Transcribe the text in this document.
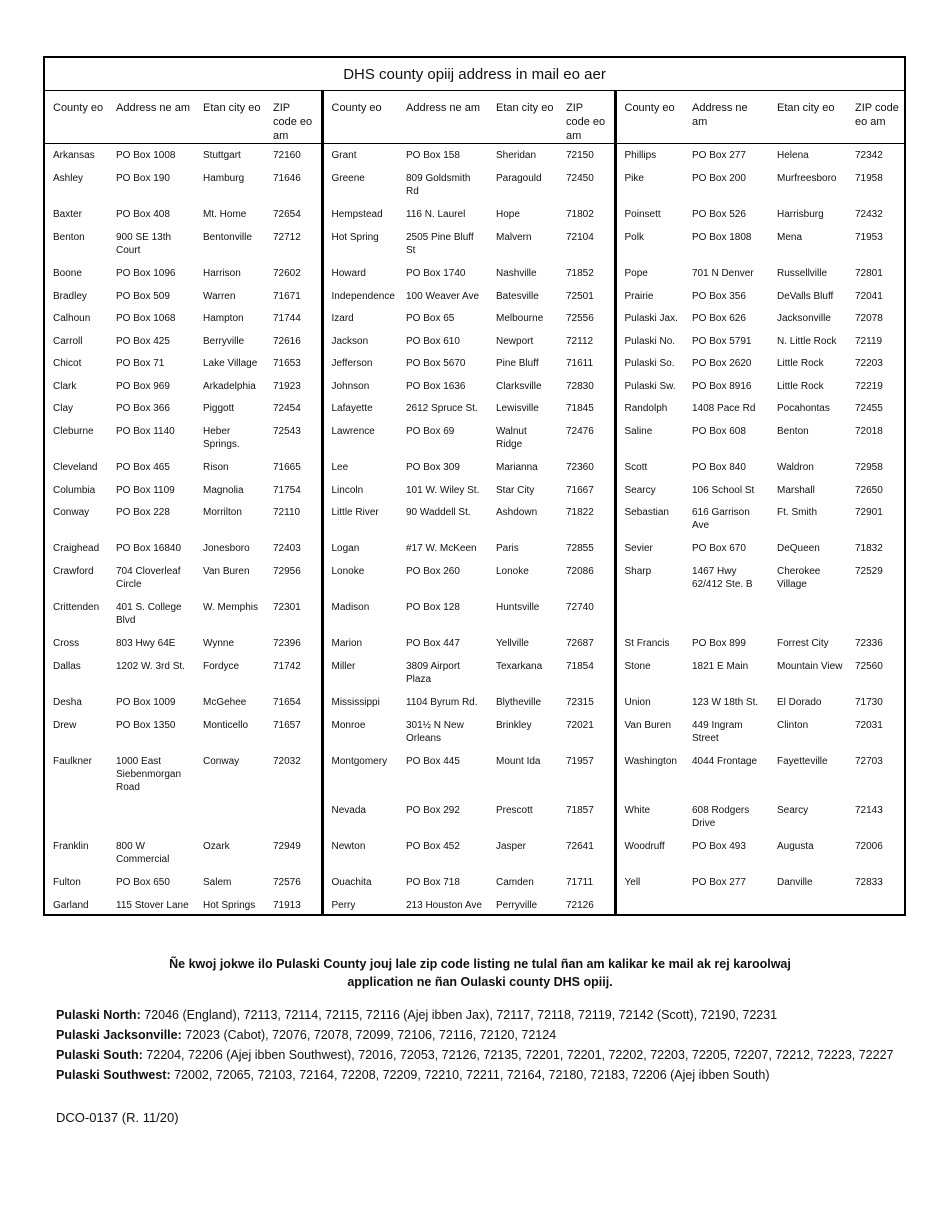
DHS county opiij address in mail eo aer											
County eo	Address ne am	Etan city eo	ZIP code eo am	County eo	Address ne am	Etan city eo	ZIP code eo am	County eo	Address ne am	Etan city eo	ZIP code eo am
Arkansas	PO Box 1008	Stuttgart	72160	Grant	PO Box 158	Sheridan	72150	Phillips	PO Box 277	Helena	72342
Ashley	PO Box 190	Hamburg	71646	Greene	809 Goldsmith Rd	Paragould	72450	Pike	PO Box 200	Murfreesboro	71958
Baxter	PO Box 408	Mt. Home	72654	Hempstead	116 N. Laurel	Hope	71802	Poinsett	PO Box 526	Harrisburg	72432
Benton	900 SE 13th Court	Bentonville	72712	Hot Spring	2505 Pine Bluff St	Malvern	72104	Polk	PO Box 1808	Mena	71953
Boone	PO Box 1096	Harrison	72602	Howard	PO Box 1740	Nashville	71852	Pope	701 N Denver	Russellville	72801
Bradley	PO Box 509	Warren	71671	Independence	100 Weaver Ave	Batesville	72501	Prairie	PO Box 356	DeValls Bluff	72041
Calhoun	PO Box 1068	Hampton	71744	Izard	PO Box 65	Melbourne	72556	Pulaski Jax.	PO Box 626	Jacksonville	72078
Carroll	PO Box 425	Berryville	72616	Jackson	PO Box 610	Newport	72112	Pulaski No.	PO Box 5791	N. Little Rock	72119
Chicot	PO Box 71	Lake Village	71653	Jefferson	PO Box 5670	Pine Bluff	71611	Pulaski So.	PO Box 2620	Little Rock	72203
Clark	PO Box 969	Arkadelphia	71923	Johnson	PO Box 1636	Clarksville	72830	Pulaski Sw.	PO Box 8916	Little Rock	72219
Clay	PO Box 366	Piggott	72454	Lafayette	2612 Spruce St.	Lewisville	71845	Randolph	1408 Pace Rd	Pocahontas	72455
Cleburne	PO Box 1140	Heber Springs.	72543	Lawrence	PO Box 69	Walnut Ridge	72476	Saline	PO Box 608	Benton	72018
Cleveland	PO Box 465	Rison	71665	Lee	PO Box 309	Marianna	72360	Scott	PO Box 840	Waldron	72958
Columbia	PO Box 1109	Magnolia	71754	Lincoln	101 W. Wiley St.	Star City	71667	Searcy	106 School St	Marshall	72650
Conway	PO Box 228	Morrilton	72110	Little River	90 Waddell St.	Ashdown	71822	Sebastian	616 Garrison Ave	Ft. Smith	72901
Craighead	PO Box 16840	Jonesboro	72403	Logan	#17 W. McKeen	Paris	72855	Sevier	PO Box 670	DeQueen	71832
Crawford	704 Cloverleaf Circle	Van Buren	72956	Lonoke	PO Box 260	Lonoke	72086	Sharp	1467 Hwy 62/412 Ste. B	Cherokee Village	72529
Crittenden	401 S. College Blvd	W. Memphis	72301	Madison	PO Box 128	Huntsville	72740				
Cross	803 Hwy 64E	Wynne	72396	Marion	PO Box 447	Yellville	72687	St Francis	PO Box 899	Forrest City	72336
Dallas	1202 W. 3rd St.	Fordyce	71742	Miller	3809 Airport Plaza	Texarkana	71854	Stone	1821 E Main	Mountain View	72560
Desha	PO Box 1009	McGehee	71654	Mississippi	1104 Byrum Rd.	Blytheville	72315	Union	123 W 18th St.	El Dorado	71730
Drew	PO Box 1350	Monticello	71657	Monroe	301½ N New Orleans	Brinkley	72021	Van Buren	449 Ingram Street	Clinton	72031
Faulkner	1000 East Siebenmorgan Road	Conway	72032	Montgomery	PO Box 445	Mount Ida	71957	Washington	4044 Frontage	Fayetteville	72703
				Nevada	PO Box 292	Prescott	71857	White	608 Rodgers Drive	Searcy	72143
Franklin	800 W Commercial	Ozark	72949	Newton	PO Box 452	Jasper	72641	Woodruff	PO Box 493	Augusta	72006
Fulton	PO Box 650	Salem	72576	Ouachita	PO Box 718	Camden	71711	Yell	PO Box 277	Danville	72833
Garland	115 Stover Lane	Hot Springs	71913	Perry	213 Houston Ave	Perryville	72126				
Ñe kwoj jokwe ilo Pulaski County jouj lale zip code listing ne tulal ñan am kalikar ke mail ak rej karoolwaj application ne ñan Oulaski county DHS opiij.
Pulaski North: 72046 (England), 72113, 72114, 72115, 72116 (Ajej ibben Jax), 72117, 72118, 72119, 72142 (Scott), 72190, 72231
Pulaski Jacksonville: 72023 (Cabot), 72076, 72078, 72099, 72106, 72116, 72120, 72124
Pulaski South: 72204, 72206 (Ajej ibben Southwest), 72016, 72053, 72126, 72135, 72201, 72201, 72202, 72203, 72205, 72207, 72212, 72223, 72227
Pulaski Southwest: 72002, 72065, 72103, 72164, 72208, 72209, 72210, 72211, 72164, 72180, 72183, 72206 (Ajej ibben South)
DCO-0137 (R. 11/20)
